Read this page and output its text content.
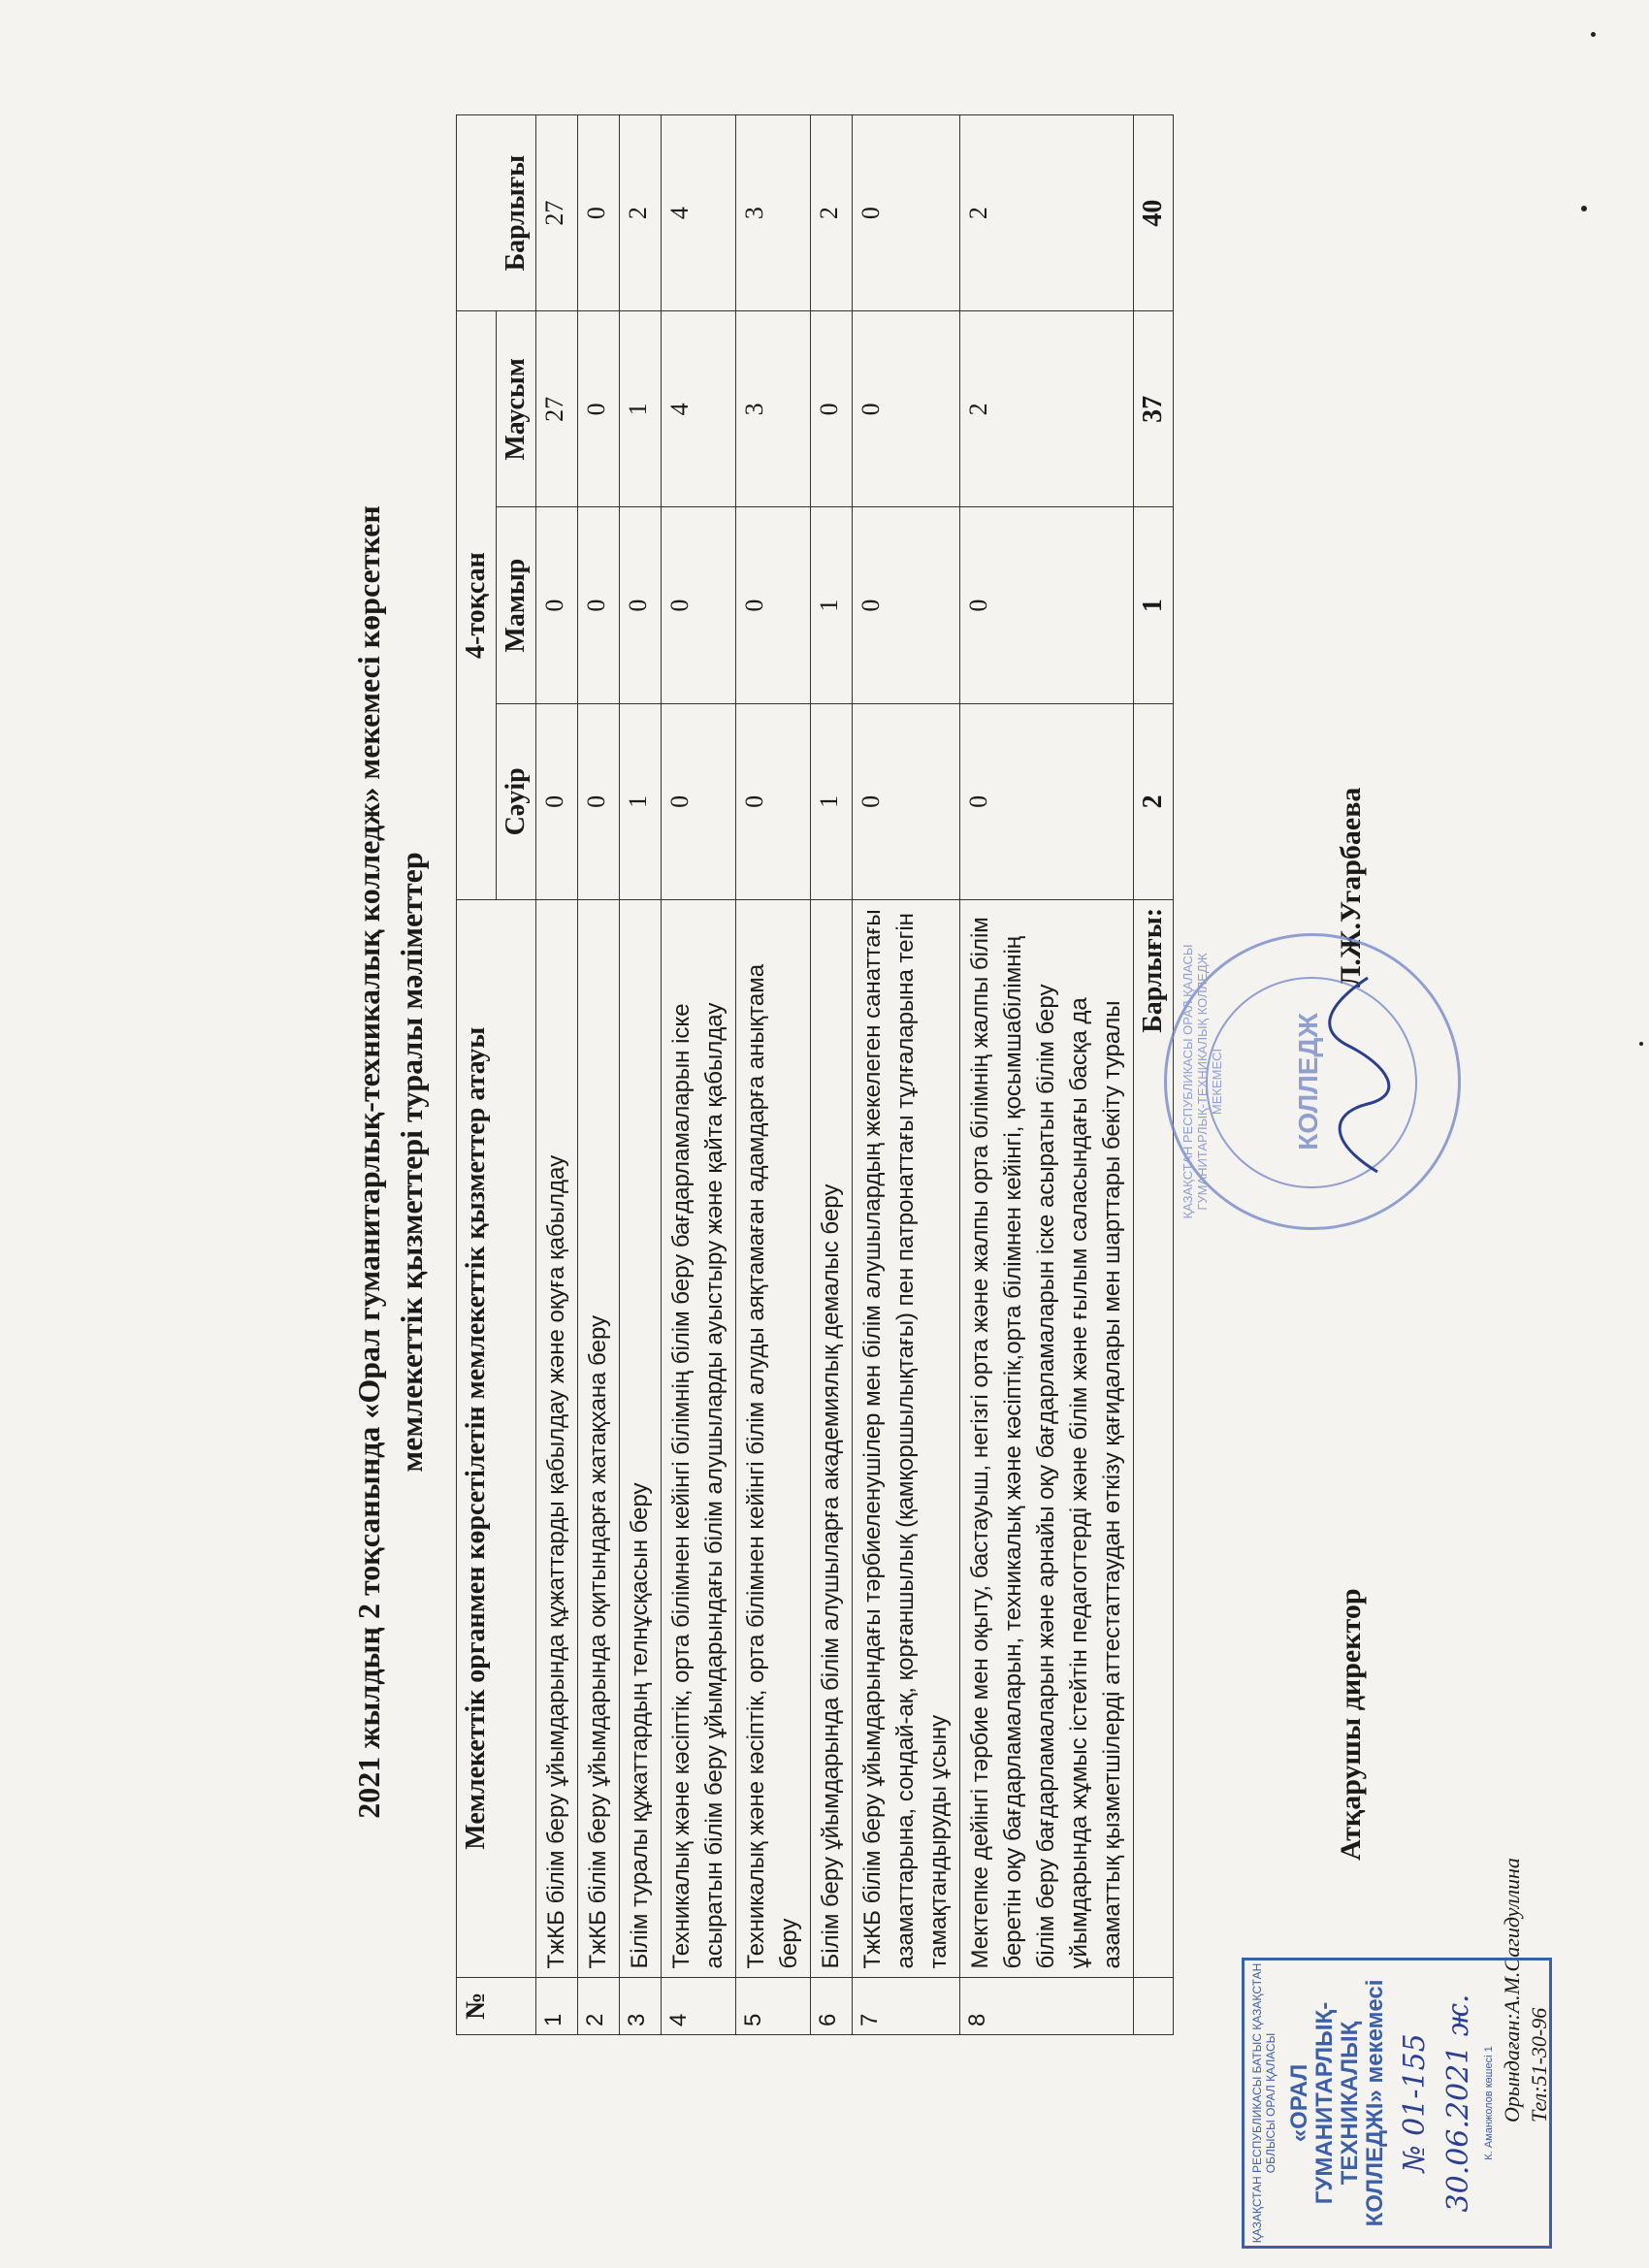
2021 жылдың 2 тоқсанында «Орал гуманитарлық-техникалық колледж» мекемесі көрсеткен мемлекеттік қызметтері туралы мәліметтер
№	Мемлекеттік органмен көрсетілетін мемлекеттік қызметтер атауы	4-тоқсан			Барлығы
		Сәуір	Мамыр	Маусым	
1	ТжКБ білім беру ұйымдарында құжаттарды қабылдау және оқуға қабылдау	0	0	27	27
2	ТжКБ білім беру ұйымдарында оқитындарға жатақхана беру	0	0	0	0
3	Білім туралы құжаттардың телнұсқасын беру	1	0	1	2
4	Техникалық және кәсіптік, орта білімнен кейінгі білімнің білім беру бағдарламаларын іске асыратын білім беру ұйымдарындағы білім алушыларды ауыстыру және қайта қабылдау	0	0	4	4
5	Техникалық және кәсіптік, орта білімнен кейінгі білім алуды аяқтамаған адамдарға анықтама беру	0	0	3	3
6	Білім беру ұйымдарында білім алушыларға академиялық демалыс беру	1	1	0	2
7	ТжКБ білім беру ұйымдарындағы тәрбиеленушілер мен білім алушылардың жекелеген санаттағы азаматтарына, сондай-ақ, қорғаншылық (қамқоршылықтағы) пен патронаттағы тұлғаларына тегін тамақтандыруды ұсыну	0	0	0	0
8	Мектепке дейінгі тәрбие мен оқыту, бастауыш, негізгі орта және жалпы орта білімнің жалпы білім беретін оқу бағдарламаларын, техникалық және кәсіптік,орта білімнен кейінгі, қосымшабілімнің білім беру бағдарламаларын және арнайы оқу бағдарламаларын іске асыратын білім беру ұйымдарында жұмыс істейтін педагогтерді және білім және ғылым саласындағы басқа да азаматтық қызметшілерді аттестаттаудан өткізу қағидалары мен шарттары бекіту туралы	0	0	2	2
	Барлығы:	2	1	37	40
Атқарушы директор
Л.Ж.Угарбаева
ҚАЗАҚСТАН РЕСПУБЛИКАСЫ ОРАЛ ҚАЛАСЫ ГУМАНИТАРЛЫҚ-ТЕХНИКАЛЫҚ КОЛЛЕДЖ МЕКЕМЕСІ	КОЛЛЕДЖ
Орындаған:А.М.Сагидуллина Тел:51-30-96
ҚАЗАҚСТАН РЕСПУБЛИКАСЫ БАТЫС ҚАЗАҚСТАН ОБЛЫСЫ ОРАЛ ҚАЛАСЫ «ОРАЛ ГУМАНИТАРЛЫҚ-ТЕХНИКАЛЫҚ КОЛЛЕДЖІ» мекемесі № 01-155 30.06.2021 ж. К. Аманжолов көшесі 1
